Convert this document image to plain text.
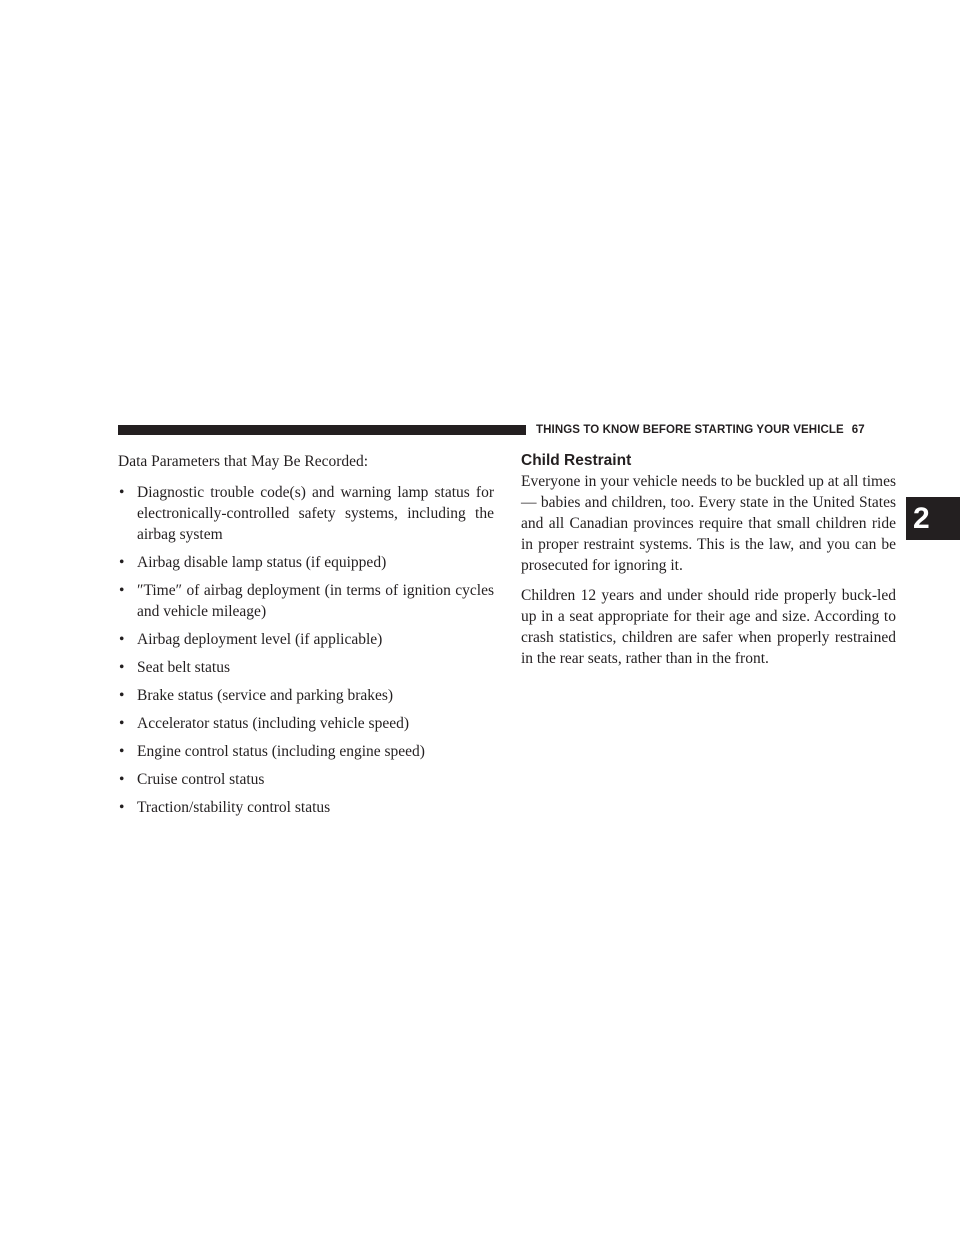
THINGS TO KNOW BEFORE STARTING YOUR VEHICLE 67
2

Data Parameters that May Be Recorded:

• Diagnostic trouble code(s) and warning lamp status for electronically-controlled safety systems, including the airbag system
• Airbag disable lamp status (if equipped)
• ″Time″ of airbag deployment (in terms of ignition cycles and vehicle mileage)
• Airbag deployment level (if applicable)
• Seat belt status
• Brake status (service and parking brakes)
• Accelerator status (including vehicle speed)
• Engine control status (including engine speed)
• Cruise control status
• Traction/stability control status
Child Restraint

Everyone in your vehicle needs to be buckled up at all times — babies and children, too. Every state in the United States and all Canadian provinces require that small children ride in proper restraint systems. This is the law, and you can be prosecuted for ignoring it.

Children 12 years and under should ride properly buck-led up in a seat appropriate for their age and size. According to crash statistics, children are safer when properly restrained in the rear seats, rather than in the front.
